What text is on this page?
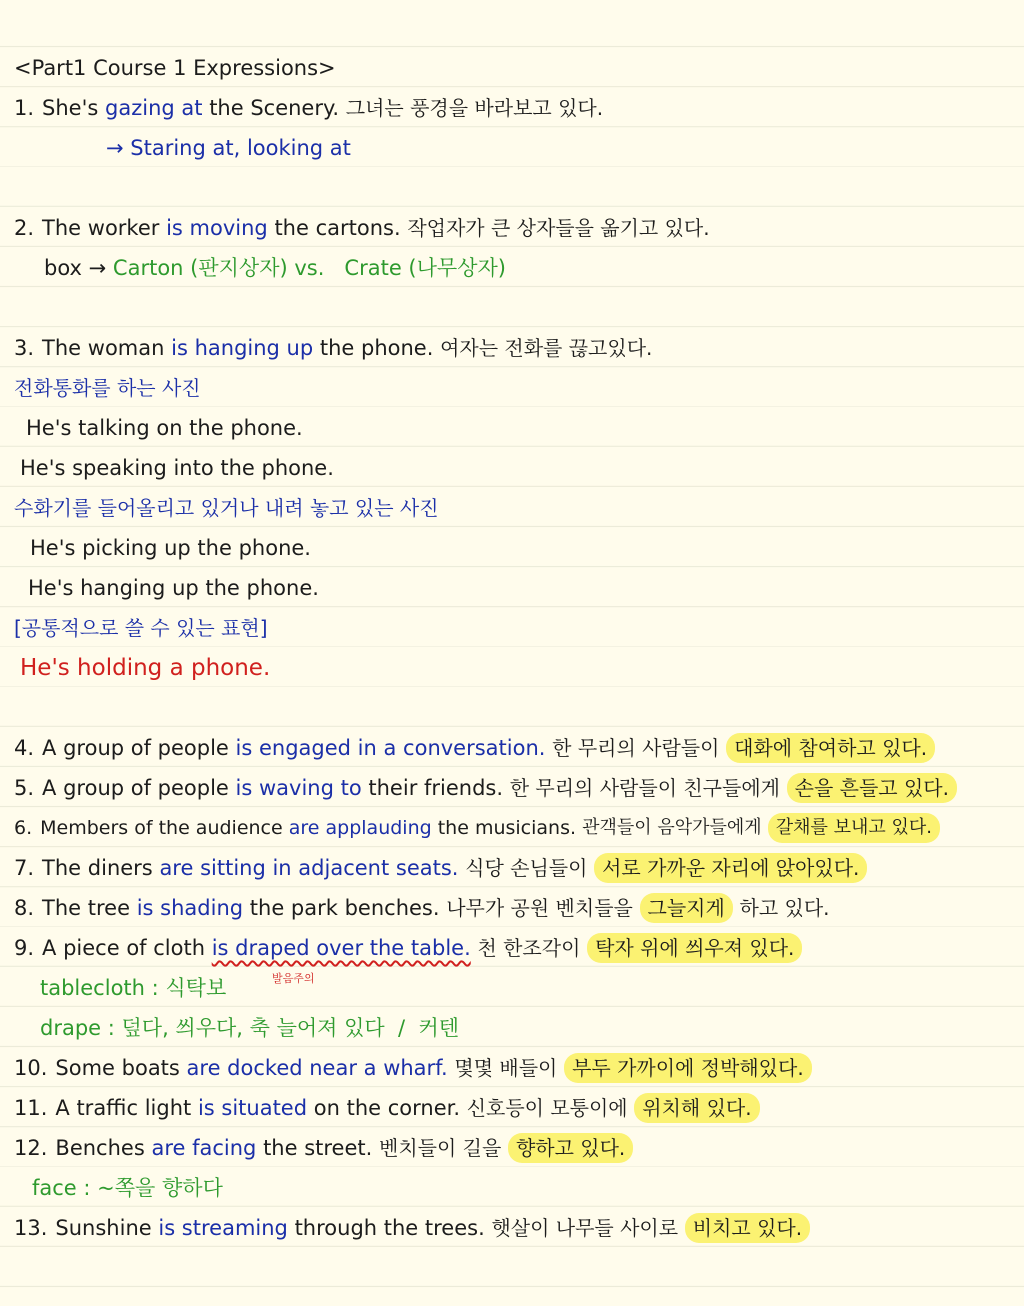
<Part1 Course 1 Expressions>
1. She's
gazing at
the Scenery.
그녀는 풍경을 바라보고 있다.
→ Staring at, looking at
2. The worker
is moving
the cartons.
작업자가 큰 상자들을 옮기고 있다.
box →
Carton (판지상자) vs.   Crate (나무상자)
3. The woman
is hanging up
the phone.
여자는 전화를 끊고있다.
전화통화를 하는 사진
He's talking on the phone.
He's speaking into the phone.
수화기를 들어올리고 있거나 내려 놓고 있는 사진
He's picking up the phone.
He's hanging up the phone.
[공통적으로 쓸 수 있는 표현]
He's holding a phone.
4. A group of people
is engaged in a conversation.
한 무리의 사람들이
대화에 참여하고 있다.
5. A group of people
is waving to
their friends.
한 무리의 사람들이 친구들에게
손을 흔들고 있다.
6. Members of the audience
are applauding
the musicians.
관객들이 음악가들에게
갈채를 보내고 있다.
7. The diners
are sitting in adjacent seats.
식당 손님들이
서로 가까운 자리에 앉아있다.
8. The tree
is shading
the park benches.
나무가 공원 벤치들을
그늘지게
하고 있다.
9. A piece of cloth
is draped over the table.
천 한조각이
탁자 위에 씌우져 있다.
발음주의
tablecloth : 식탁보
drape : 덮다, 씌우다, 축 늘어져 있다  /  커텐
10. Some boats
are docked near a wharf.
몇몇 배들이
부두 가까이에 정박해있다.
11. A traffic light
is situated
on the corner.
신호등이 모퉁이에
위치해 있다.
12. Benches
are facing
the street.
벤치들이 길을
향하고 있다.
face : ~쪽을 향하다
13. Sunshine
is streaming
through the trees.
햇살이 나무들 사이로
비치고 있다.
